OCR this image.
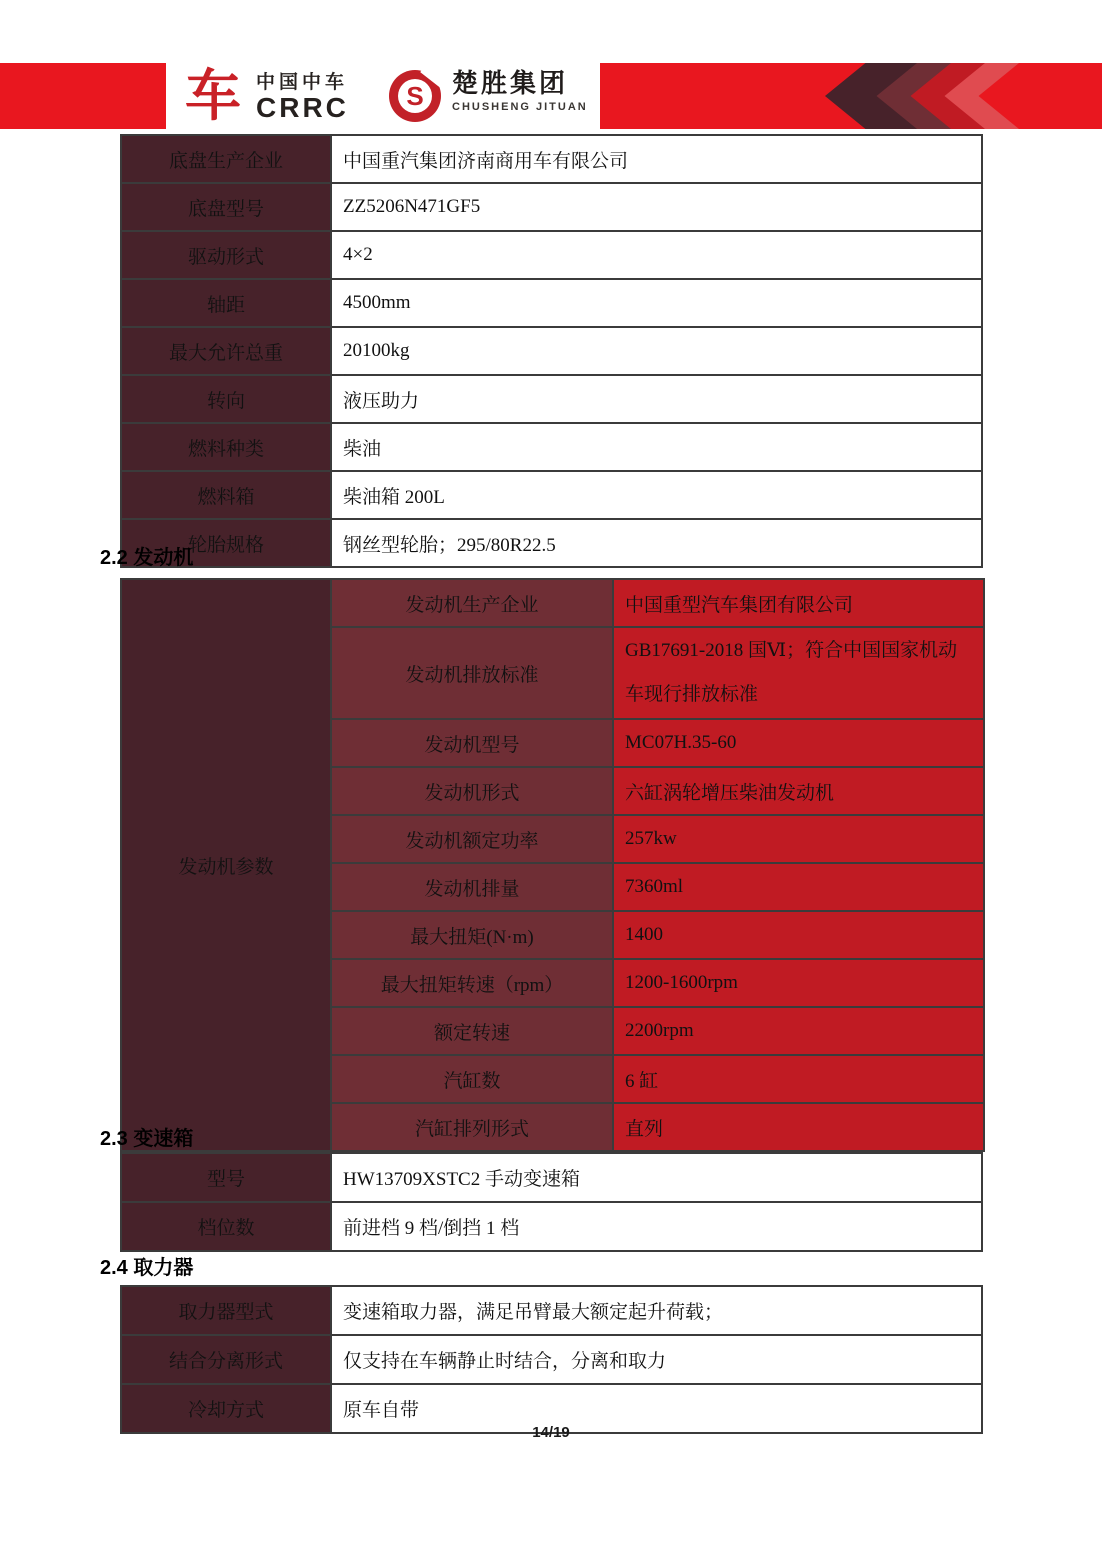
车 中国中车
CRRC	S	楚胜集团
CHUSHENG JITUAN
底盘生产企业	中国重汽集团济南商用车有限公司
底盘型号	ZZ5206N471GF5
驱动形式	4×2
轴距	4500mm
最大允许总重	20100kg
转向	液压助力
燃料种类	柴油
燃料箱	柴油箱 200L
轮胎规格	钢丝型轮胎；295/80R22.5
2.2 发动机
发动机参数	发动机生产企业	中国重型汽车集团有限公司
	发动机排放标准	GB17691-2018 国Ⅵ；符合中国国家机动车现行排放标准
	发动机型号	MC07H.35-60
	发动机形式	六缸涡轮增压柴油发动机
	发动机额定功率	257kw
	发动机排量	7360ml
	最大扭矩(N·m)	1400
	最大扭矩转速（rpm）	1200-1600rpm
	额定转速	2200rpm
	汽缸数	6 缸
	汽缸排列形式	直列
2.3 变速箱
型号	HW13709XSTC2 手动变速箱
档位数	前进档 9 档/倒挡 1 档
2.4 取力器
取力器型式	变速箱取力器，满足吊臂最大额定起升荷载；
结合分离形式	仅支持在车辆静止时结合，分离和取力
冷却方式	原车自带
14/19
